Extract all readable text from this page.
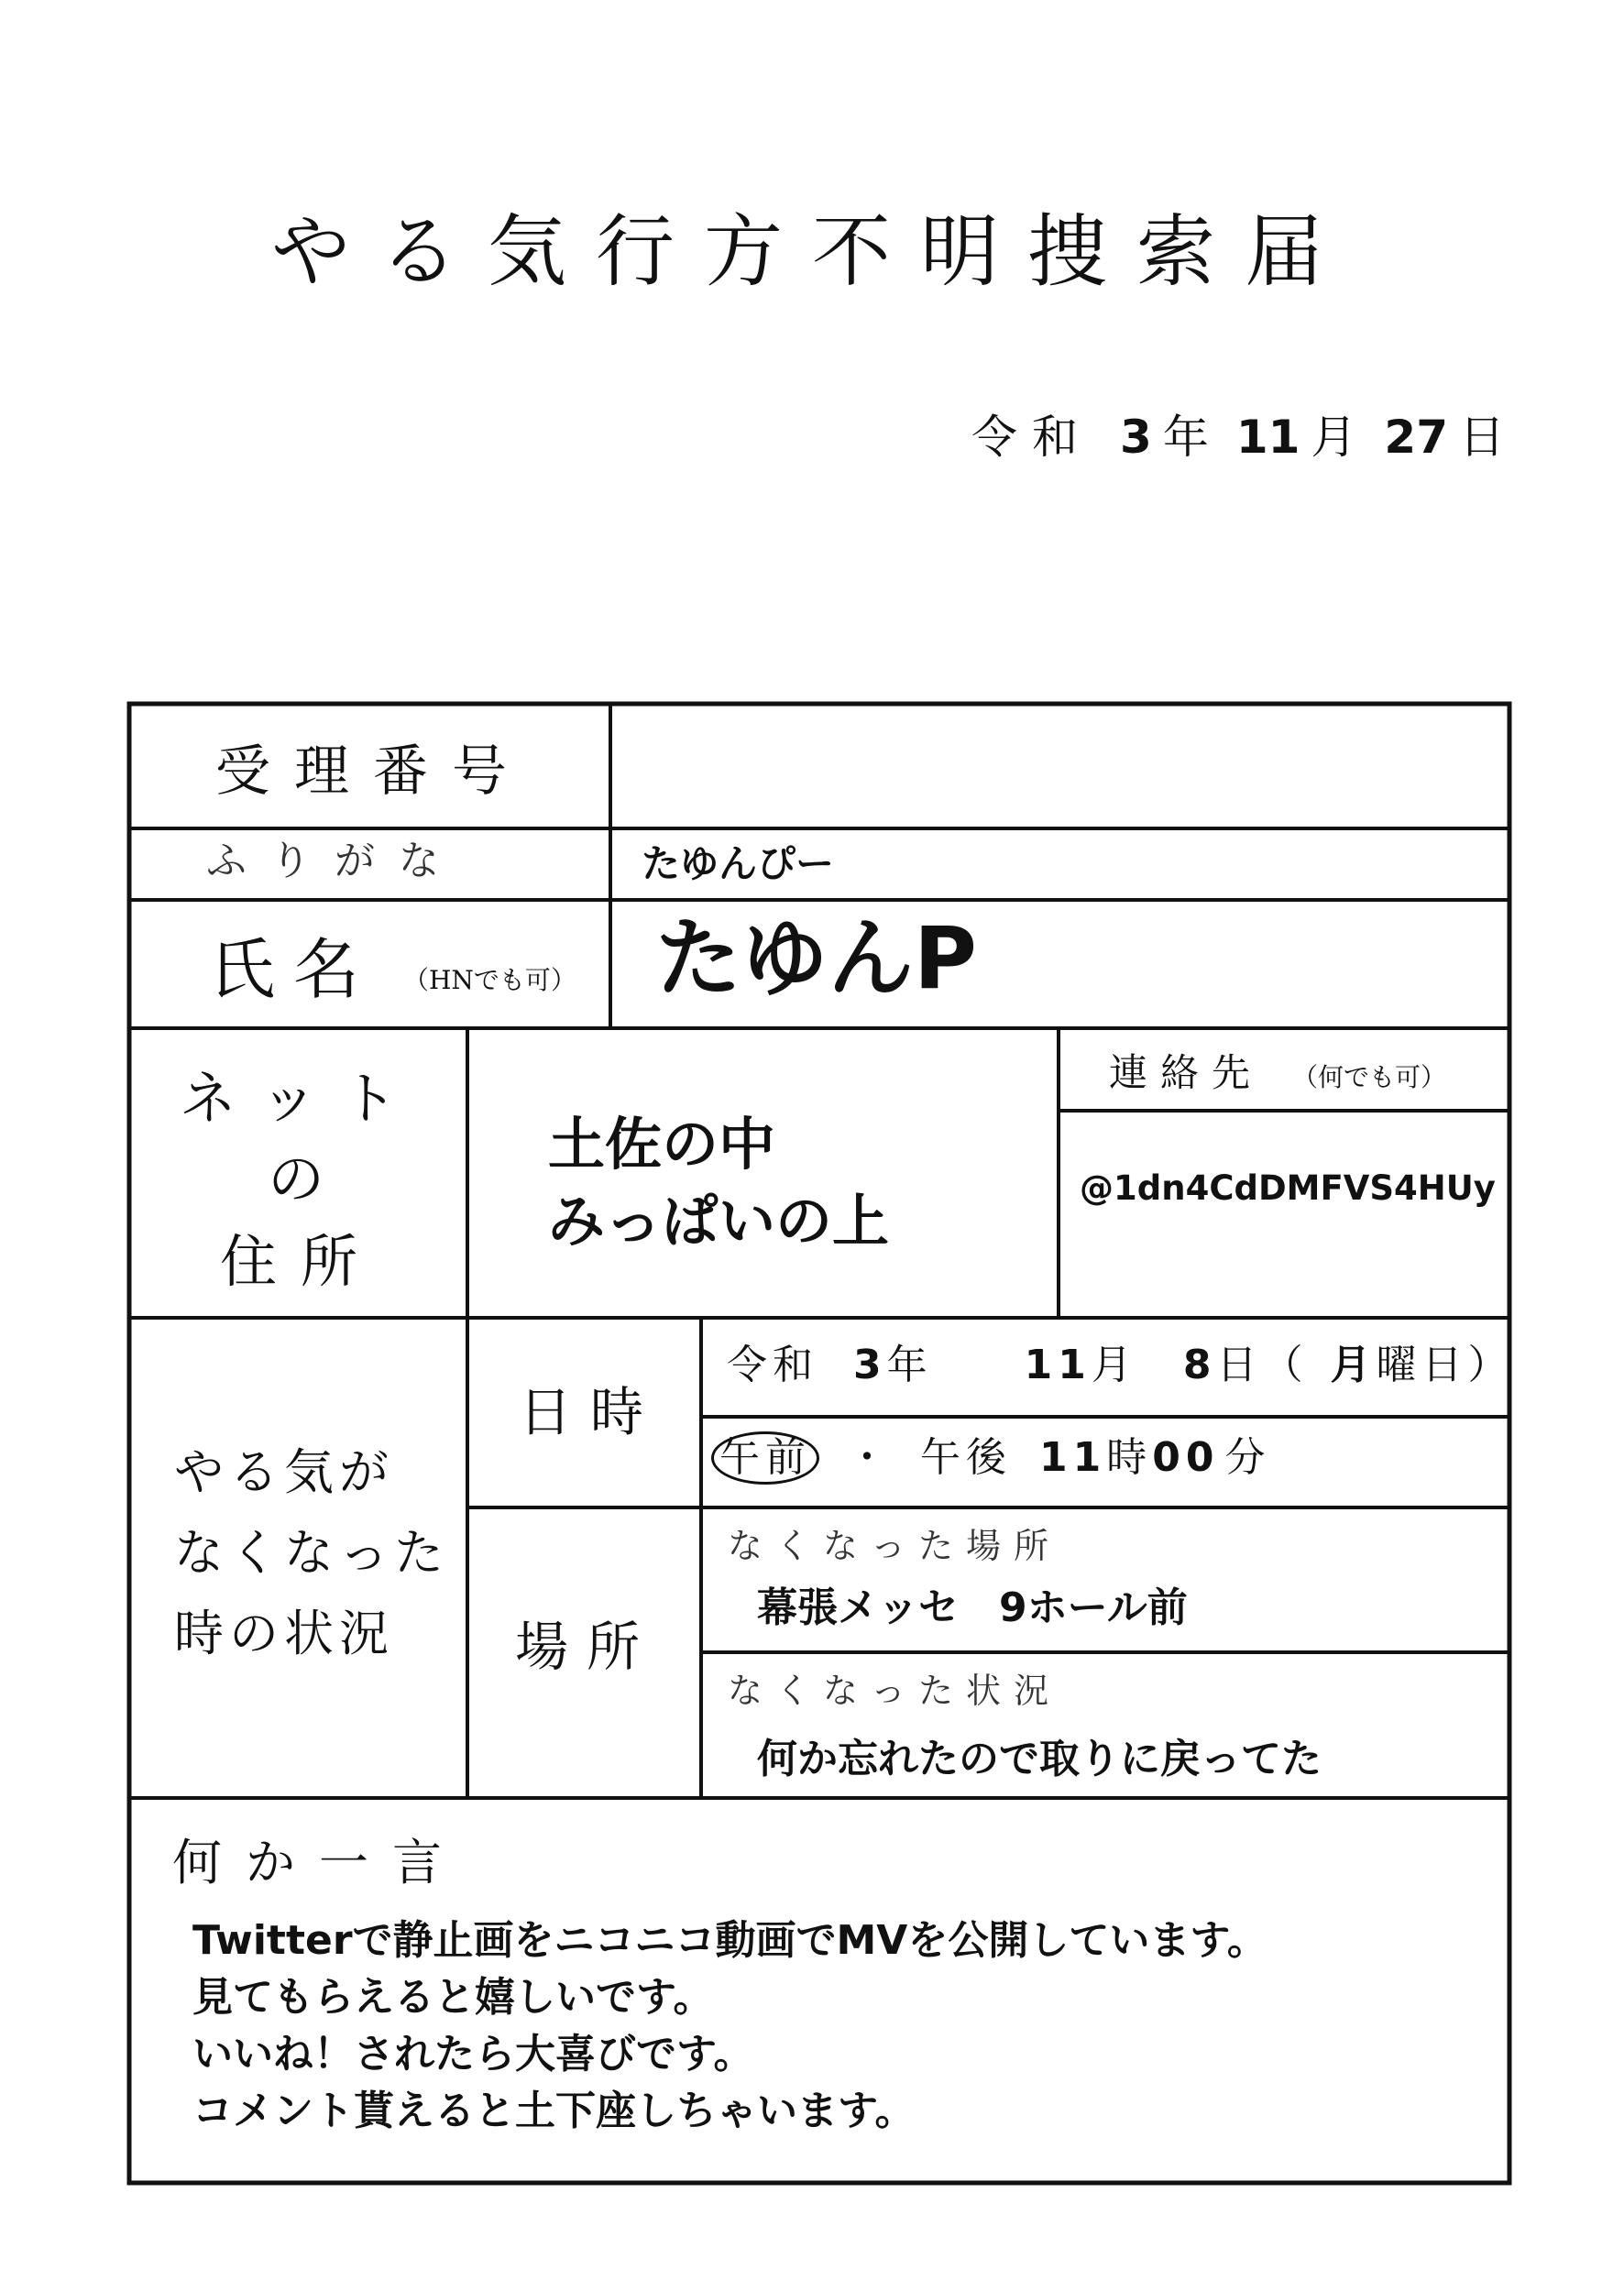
やる気行方不明捜索届
令和 3 年 11 月 27 日
受理番号
ふりがな	たゆんぴー
氏名 （HNでも可） たゆんP
ネット
の
住所
土佐の中
みっぱいの上
連絡先 （何でも可）
@1dn4CdDMFVS4HUy
やる気が
なくなった
時の状況
日時
令和 3年 11月 8日（ 月曜日）
午前 ・ 午後 11時00 分
場所
なくなった場所
幕張メッセ　9ホール前
なくなった状況
何か忘れたので取りに戻ってた
何か一言
Twitterで静止画をニコニコ動画でMVを公開しています。
見てもらえると嬉しいです。
いいね！されたら大喜びです。
コメント貰えると土下座しちゃいます。
